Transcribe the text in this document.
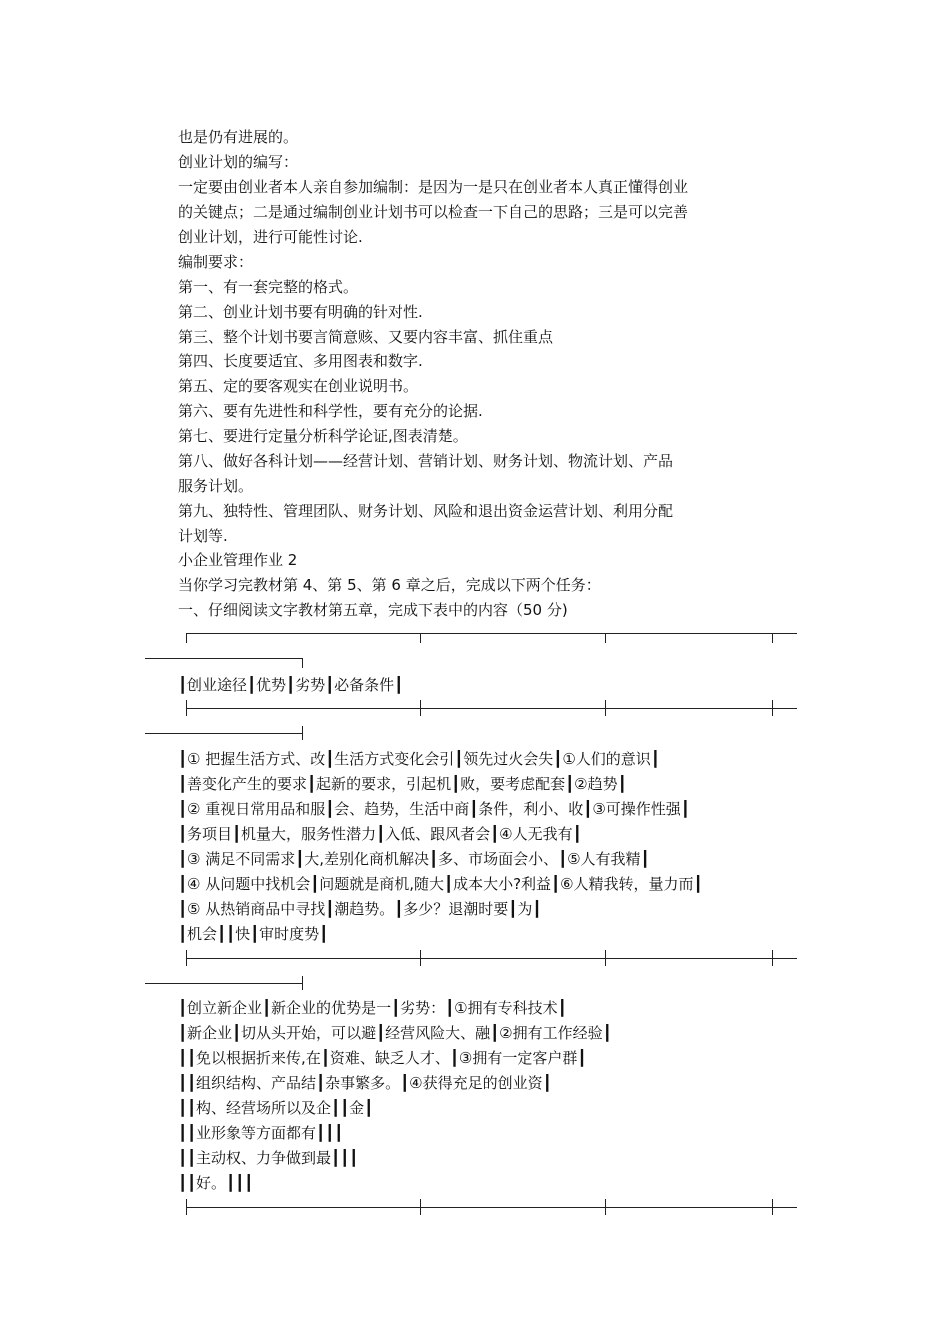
也是仍有进展的。
创业计划的编写：
一定要由创业者本人亲自参加编制：是因为一是只在创业者本人真正懂得创业
的关键点；二是通过编制创业计划书可以检查一下自己的思路；三是可以完善
创业计划，进行可能性讨论.
编制要求：
第一、有一套完整的格式。
第二、创业计划书要有明确的针对性.
第三、整个计划书要言简意赅、又要内容丰富、抓住重点
第四、长度要适宜、多用图表和数字.
第五、定的要客观实在创业说明书。
第六、要有先进性和科学性，要有充分的论据.
第七、要进行定量分析科学论证,图表清楚。
第八、做好各科计划——经营计划、营销计划、财务计划、物流计划、产品
服务计划。
第九、独特性、管理团队、财务计划、风险和退出资金运营计划、利用分配
计划等.
小企业管理作业 2
当你学习完教材第 4、第 5、第 6 章之后，完成以下两个任务：
一、仔细阅读文字教材第五章，完成下表中的内容（50 分)
┃创业途径┃优势┃劣势┃必备条件┃
┃① 把握生活方式、改┃生活方式变化会引┃领先过火会失┃①人们的意识┃
┃善变化产生的要求┃起新的要求，引起机┃败，要考虑配套┃②趋势┃
┃② 重视日常用品和服┃会、趋势，生活中商┃条件，利小、收┃③可操作性强┃
┃务项目┃机量大，服务性潜力┃入低、跟风者会┃④人无我有┃
┃③ 满足不同需求┃大,差别化商机解决┃多、市场面会小、┃⑤人有我精┃
┃④ 从问题中找机会┃问题就是商机,随大┃成本大小?利益┃⑥人精我转，量力而┃
┃⑤ 从热销商品中寻找┃潮趋势。┃多少？退潮时要┃为┃
┃机会┃┃快┃审时度势┃
┃创立新企业┃新企业的优势是一┃劣势：┃①拥有专科技术┃
┃新企业┃切从头开始，可以避┃经营风险大、融┃②拥有工作经验┃
┃┃免以根据折来传,在┃资难、缺乏人才、┃③拥有一定客户群┃
┃┃组织结构、产品结┃杂事繁多。┃④获得充足的创业资┃
┃┃构、经营场所以及企┃┃金┃
┃┃业形象等方面都有┃┃┃
┃┃主动权、力争做到最┃┃┃
┃┃好。┃┃┃
